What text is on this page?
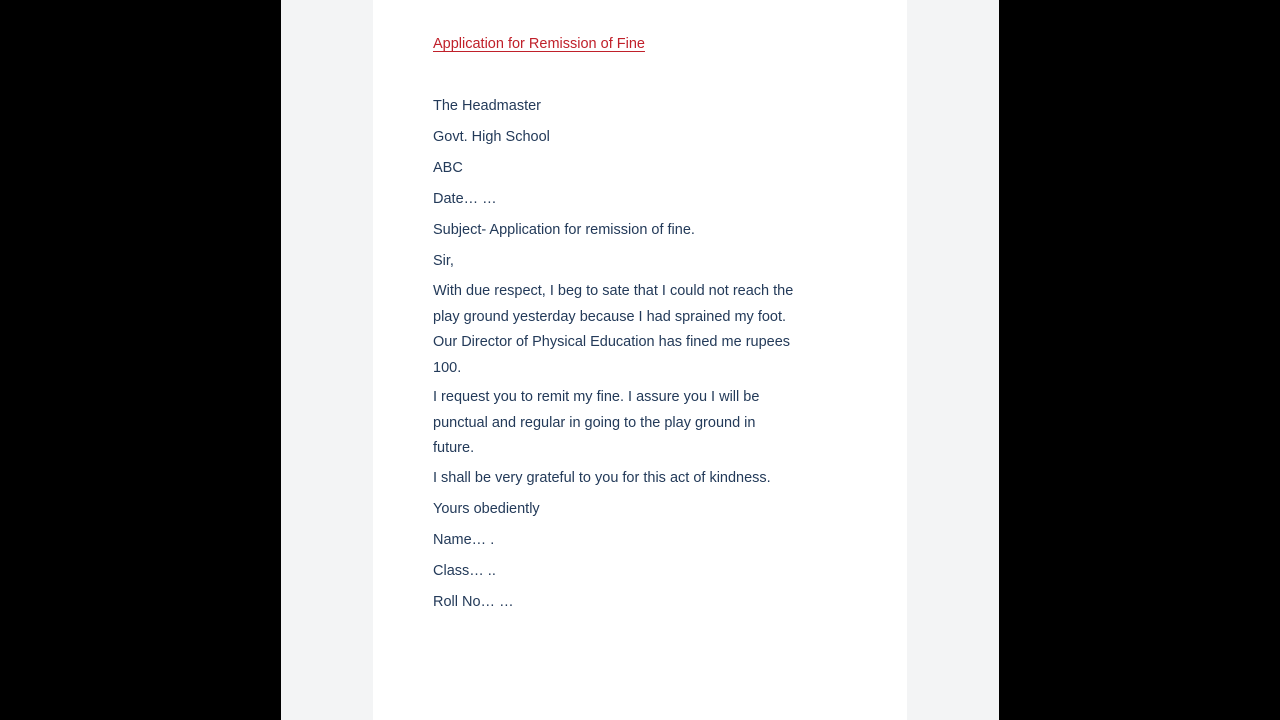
Application for Remission of Fine

The Headmaster

Govt. High School

ABC

Date… …

Subject- Application for remission of fine.

Sir,

With due respect, I beg to sate that I could not reach the
play ground yesterday because I had sprained my foot.
Our Director of Physical Education has fined me rupees
100.

I request you to remit my fine. I assure you I will be
punctual and regular in going to the play ground in
future.

I shall be very grateful to you for this act of kindness.

Yours obediently

Name… .

Class… ..

Roll No… …
